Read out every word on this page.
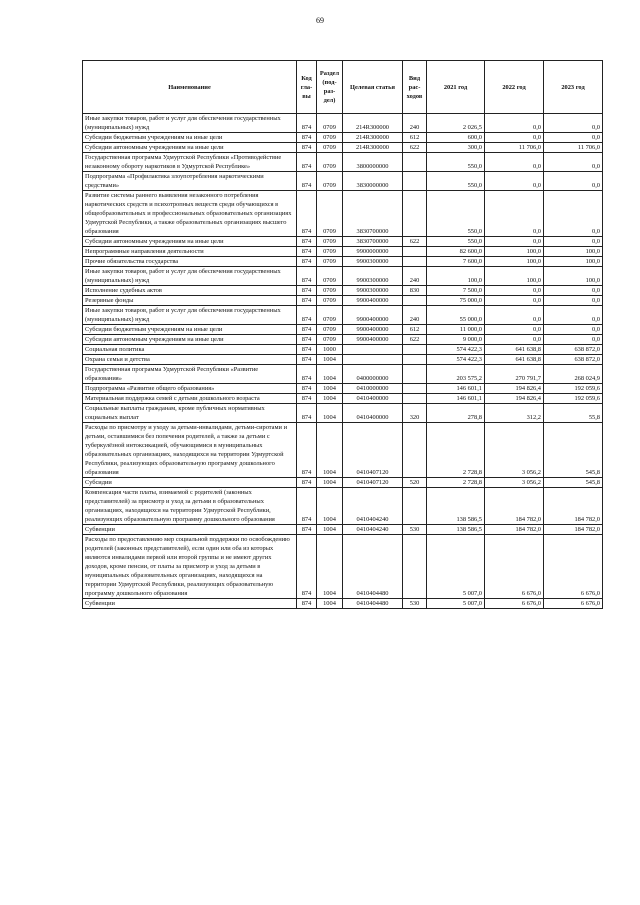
69
Наименование	Код гла- вы	Раздел (под- раз- дел)	Целевая статья	Вид рас- ходов	2021 год	2022 год	2023 год
Иные закупки товаров, работ и услуг для обеспечения государственных (муниципальных) нужд	874	0709	214R300000	240	2 026,5	0,0	0,0
Субсидии бюджетным учреждениям на иные цели	874	0709	214R300000	612	600,0	0,0	0,0
Субсидии автономным учреждениям на иные цели	874	0709	214R300000	622	300,0	11 706,0	11 706,0
Государственная программа Удмуртской Республики «Противодействие незаконному обороту наркотиков в Удмуртской Республике»	874	0709	3800000000		550,0	0,0	0,0
Подпрограмма «Профилактика злоупотребления наркотическими средствами»	874	0709	3830000000		550,0	0,0	0,0
Развитие системы раннего выявления незаконного потребления наркотических средств и психотропных веществ среди обучающихся в общеобразовательных и профессиональных образовательных организациях Удмуртской Республики, а также образовательных организациях высшего образования	874	0709	3830700000		550,0	0,0	0,0
Субсидии автономным учреждениям на иные цели	874	0709	3830700000	622	550,0	0,0	0,0
Непрограммные направления деятельности	874	0709	9900000000		82 600,0	100,0	100,0
Прочие обязательства государства	874	0709	9900300000		7 600,0	100,0	100,0
Иные закупки товаров, работ и услуг для обеспечения государственных (муниципальных) нужд	874	0709	9900300000	240	100,0	100,0	100,0
Исполнение судебных актов	874	0709	9900300000	830	7 500,0	0,0	0,0
Резервные фонды	874	0709	9900400000		75 000,0	0,0	0,0
Иные закупки товаров, работ и услуг для обеспечения государственных (муниципальных) нужд	874	0709	9900400000	240	55 000,0	0,0	0,0
Субсидии бюджетным учреждениям на иные цели	874	0709	9900400000	612	11 000,0	0,0	0,0
Субсидии автономным учреждениям на иные цели	874	0709	9900400000	622	9 000,0	0,0	0,0
Социальная политика	874	1000			574 422,3	641 638,8	638 872,0
Охрана семьи и детства	874	1004			574 422,3	641 638,8	638 872,0
Государственная программа Удмуртской Республики «Развитие образования»	874	1004	0400000000		203 575,2	270 791,7	268 024,9
Подпрограмма «Развитие общего образования»	874	1004	0410000000		146 601,1	194 826,4	192 059,6
Материальная поддержка семей с детьми дошкольного возраста	874	1004	0410400000		146 601,1	194 826,4	192 059,6
Социальные выплаты гражданам, кроме публичных нормативных социальных выплат	874	1004	0410400000	320	278,8	312,2	55,8
Расходы по присмотру и уходу за детьми-инвалидами, детьми-сиротами и детьми, оставшимися без попечения родителей, а также за детьми с туберкулёзной интоксикацией, обучающимися в муниципальных образовательных организациях, находящихся на территории Удмуртской Республики, реализующих образовательную программу дошкольного образования	874	1004	0410407120		2 728,8	3 056,2	545,8
Субсидии	874	1004	0410407120	520	2 728,8	3 056,2	545,8
Компенсация части платы, взимаемой с родителей (законных представителей) за присмотр и уход за детьми в образовательных организациях, находящихся на территории Удмуртской Республики, реализующих образовательную программу дошкольного образования	874	1004	0410404240		138 586,5	184 782,0	184 782,0
Субвенции	874	1004	0410404240	530	138 586,5	184 782,0	184 782,0
Расходы по предоставлению мер социальной поддержки по освобождению родителей (законных представителей), если один или оба из которых являются инвалидами первой или второй группы и не имеют других доходов, кроме пенсии, от платы за присмотр и уход за детьми в муниципальных образовательных организациях, находящихся на территории Удмуртской Республики, реализующих образовательную программу дошкольного образования	874	1004	0410404480		5 007,0	6 676,0	6 676,0
Субвенции	874	1004	0410404480	530	5 007,0	6 676,0	6 676,0
